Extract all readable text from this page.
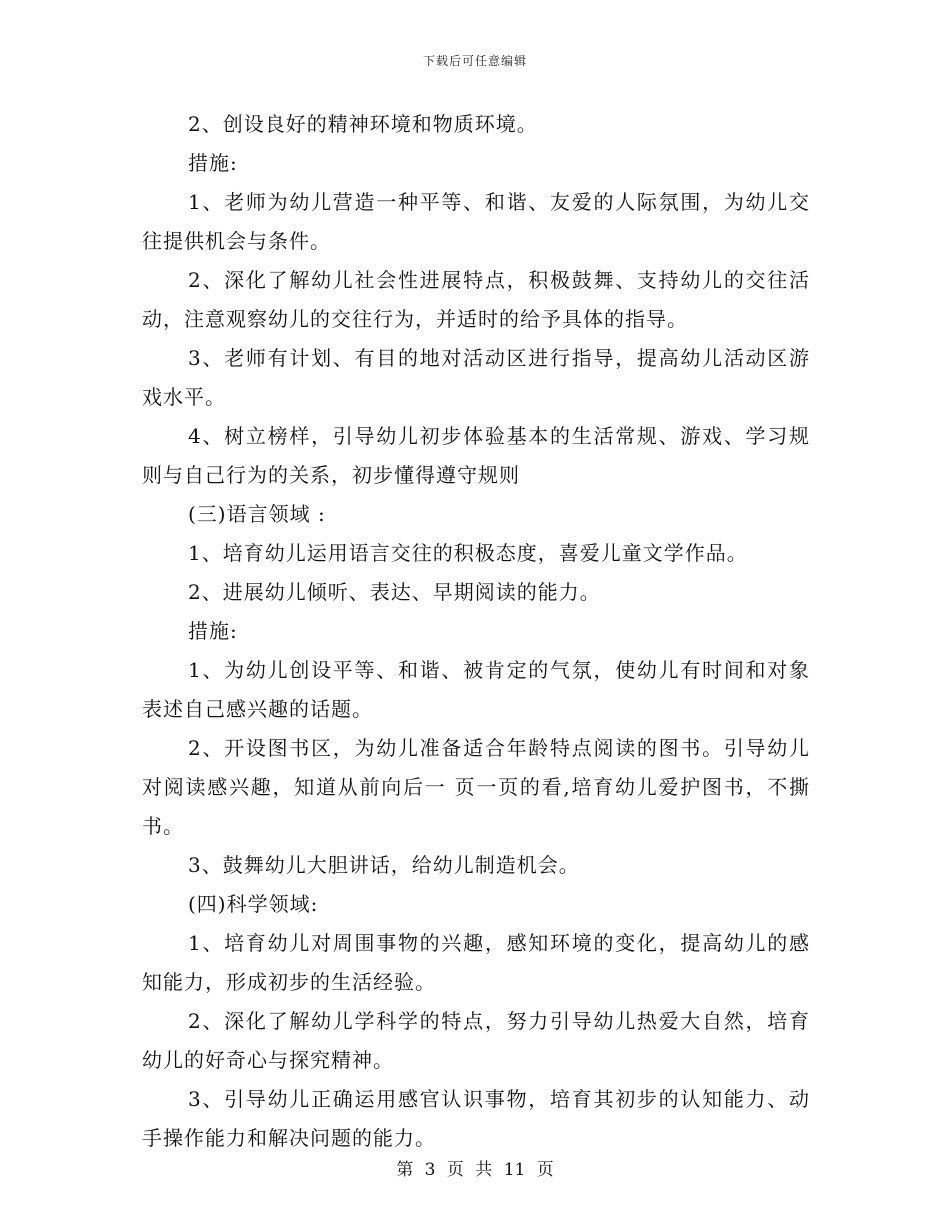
下载后可任意编辑

2、创设良好的精神环境和物质环境。

措施:

1、老师为幼儿营造一种平等、和谐、友爱的人际氛围，为幼儿交往提供机会与条件。

2、深化了解幼儿社会性进展特点，积极鼓舞、支持幼儿的交往活动，注意观察幼儿的交往行为，并适时的给予具体的指导。

3、老师有计划、有目的地对活动区进行指导，提高幼儿活动区游戏水平。

4、树立榜样，引导幼儿初步体验基本的生活常规、游戏、学习规则与自己行为的关系，初步懂得遵守规则

(三)语言领域 :

1、培育幼儿运用语言交往的积极态度，喜爱儿童文学作品。

2、进展幼儿倾听、表达、早期阅读的能力。

措施:

1、为幼儿创设平等、和谐、被肯定的气氛，使幼儿有时间和对象表述自己感兴趣的话题。

2、开设图书区，为幼儿准备适合年龄特点阅读的图书。引导幼儿对阅读感兴趣，知道从前向后一 页一页的看,培育幼儿爱护图书，不撕书。

3、鼓舞幼儿大胆讲话，给幼儿制造机会。

(四)科学领域:

1、培育幼儿对周围事物的兴趣，感知环境的变化，提高幼儿的感知能力，形成初步的生活经验。

2、深化了解幼儿学科学的特点，努力引导幼儿热爱大自然，培育幼儿的好奇心与探究精神。

3、引导幼儿正确运用感官认识事物，培育其初步的认知能力、动手操作能力和解决问题的能力。

第 3 页 共 11 页
